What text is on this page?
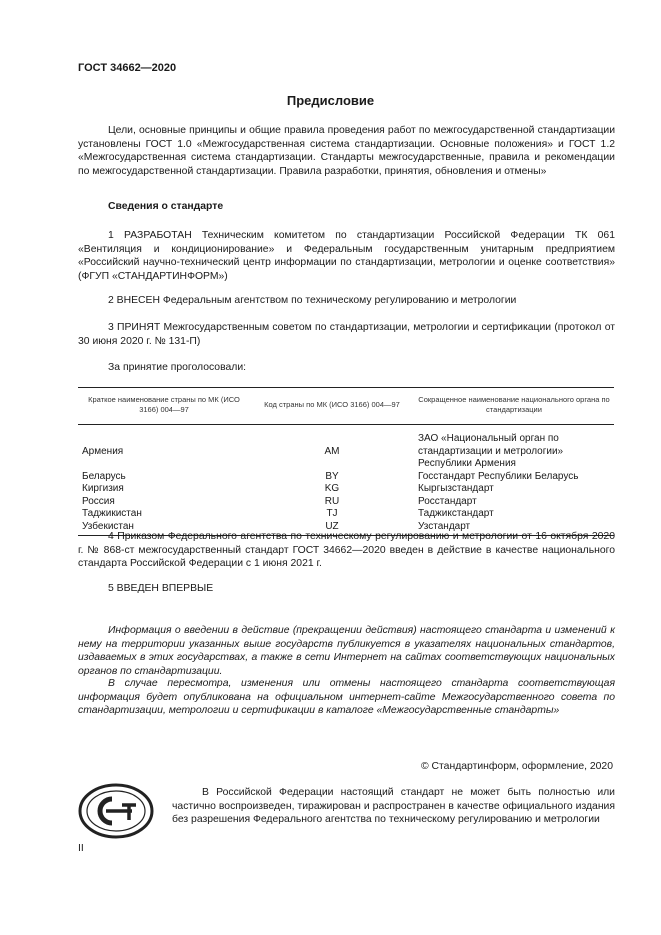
ГОСТ 34662—2020
Предисловие

Цели, основные принципы и общие правила проведения работ по межгосударственной стандартизации установлены ГОСТ 1.0 «Межгосударственная система стандартизации. Основные положения» и ГОСТ 1.2 «Межгосударственная система стандартизации. Стандарты межгосударственные, правила и рекомендации по межгосударственной стандартизации. Правила разработки, принятия, обновления и отмены»

Сведения о стандарте

1 РАЗРАБОТАН Техническим комитетом по стандартизации Российской Федерации ТК 061 «Вентиляция и кондиционирование» и Федеральным государственным унитарным предприятием «Российский научно-технический центр информации по стандартизации, метрологии и оценке соответствия» (ФГУП «СТАНДАРТИНФОРМ»)

2 ВНЕСЕН Федеральным агентством по техническому регулированию и метрологии

3 ПРИНЯТ Межгосударственным советом по стандартизации, метрологии и сертификации (протокол от 30 июня 2020 г. № 131-П)

За принятие проголосовали:
Краткое наименование страны по МК (ИСО 3166) 004—97	Код страны по МК (ИСО 3166) 004—97	Сокращенное наименование национального органа по стандартизации
Армения	AM	ЗАО «Национальный орган по стандартизации и метрологии» Республики Армения
Беларусь	BY	Госстандарт Республики Беларусь
Киргизия	KG	Кыргызстандарт
Россия	RU	Росстандарт
Таджикистан	TJ	Таджикстандарт
Узбекистан	UZ	Узстандарт

4 Приказом Федерального агентства по техническому регулированию и метрологии от 16 октября 2020 г. № 868-ст межгосударственный стандарт ГОСТ 34662—2020 введен в действие в качестве национального стандарта Российской Федерации с 1 июня 2021 г.

5 ВВЕДЕН ВПЕРВЫЕ

Информация о введении в действие (прекращении действия) настоящего стандарта и изменений к нему на территории указанных выше государств публикуется в указателях национальных стандартов, издаваемых в этих государствах, а также в сети Интернет на сайтах соответствующих национальных органов по стандартизации.

В случае пересмотра, изменения или отмены настоящего стандарта соответствующая информация будет опубликована на официальном интернет-сайте Межгосударственного совета по стандартизации, метрологии и сертификации в каталоге «Межгосударственные стандарты»

© Стандартинформ, оформление, 2020

В Российской Федерации настоящий стандарт не может быть полностью или частично воспроизведен, тиражирован и распространен в качестве официального издания без разрешения Федерального агентства по техническому регулированию и метрологии

II
